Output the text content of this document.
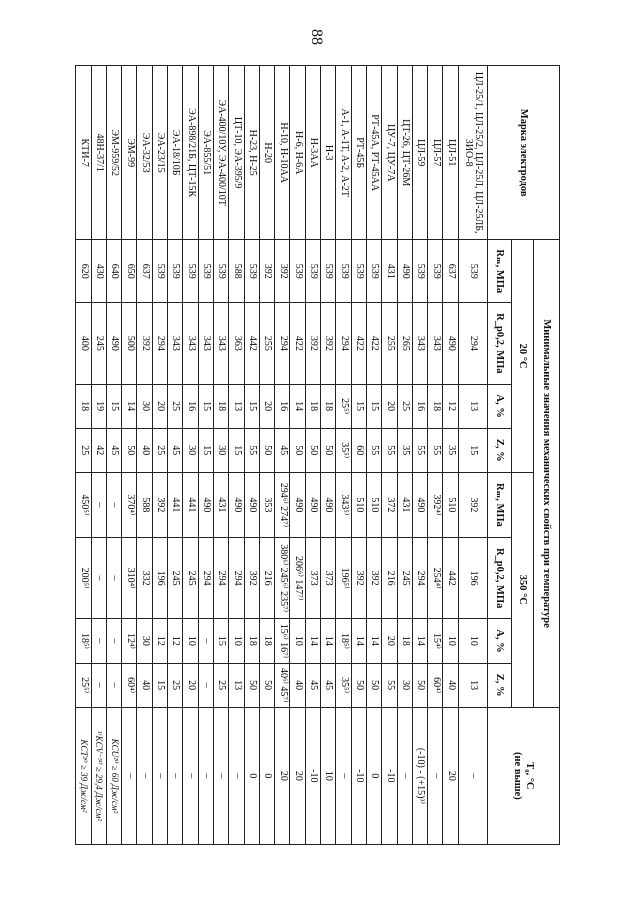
88
Марка электродов	Минимальные значения механических свойств при температуре								T₀, °С
(не выше)

	20 °С				350 °С				
	Rₘ, МПа	R_p0,2, МПа	A, %	Z, %	Rₘ, МПа	R_p0,2, МПа	A, %	Z, %	
ЦЛ-25/1, ЦЛ-25/2, ЦЛ-25Л, ЦЛ-25ЛБ, ЗИО-8	539	294	13	15	392	196	10	13	–
ЦЛ-51	637	490	12	35	510	442	10	40	20
ЦЛ-57	539	343	18	55	392⁴⁾	254⁴⁾	15⁴⁾	60⁴⁾	–
ЦЛ-59	539	343	16	55	490	294	14	50	(-10) - (+15)³⁾
ЦТ-26, ЦТ-26М	490	265	25	35	431	245	18	30	–
ЦУ-7, ЦУ-7А	431	255	20	55	372	216	20	55	-10
РТ-45А, РТ-45АА	539	422	15	55	510	392	14	50	0
РТ-45Б	539	422	15	60	510	392	14	50	-10
А-1, А-1Т, А-2, А-2Т	539	294	25⁵⁾	35⁵⁾	343⁵⁾	196⁵⁾	18⁵⁾	35⁵⁾	–
Н-3	539	392	18	50	490	373	14	45	10
Н-3АА	539	392	18	50	490	373	14	45	-10
Н-6, Н-6А	539	422	14	50	490	206⁶⁾ 147⁷⁾	10	40	20
Н-10, Н-10АА	392	294	16	45	294⁶⁾ 274⁷⁾	380⁶⁾ 245⁶⁾ 235⁷⁾	15⁶⁾ 16⁷⁾	40⁶⁾ 45⁷⁾	20
Н-20	392	255	20	50	353	216	18	50	0
Н-23, Н-25	539	442	15	55	490	392	18	50	0
ЦТ-10, ЭА-395/9	588	363	13	15	490	294	10	13	–
ЭА-400/10У, ЭА-400/10Т	539	343	18	30	431	294	15	25	–
ЭА-855/51	539	343	15	15	490	294	–	–	–
ЭА-898/21Б, ЦТ-15К	539	343	16	30	441	245	10	20	–
ЭА-18/10Б	539	343	25	45	441	245	12	25	–
ЭА-23/15	539	294	20	25	392	196	12	15	–
ЭА-32/53	637	392	30	40	588	332	30	40	–
ЭМ-99	650	500	14	50	370⁴⁾	310⁴⁾	12⁴⁾	60⁴⁾	–
ЭМ-959/52	640	490	15	45	–	–	–	–	KCU²⁰ ≥ 60 Дж/см²
48Н-37/1	430	245	19	42	–	–	–	–	¹⁾KCV⁻⁵⁰ ≥ 29,4 Дж/см²
КТИ-7	620	400	18	25	450⁵⁾	200⁵⁾	18⁵⁾	25⁵⁾	KCT²⁰ ≥ 39 Дж/см²
